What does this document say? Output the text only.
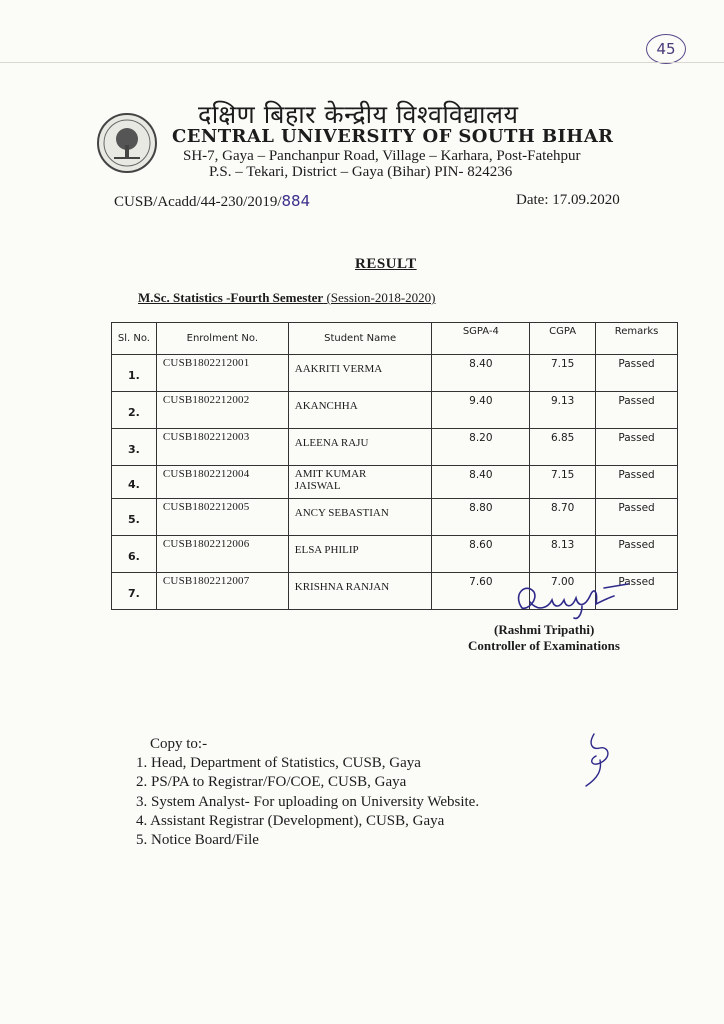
45
दक्षिण बिहार केन्द्रीय विश्वविद्यालय
CENTRAL UNIVERSITY OF SOUTH BIHAR
SH-7, Gaya – Panchanpur Road, Village – Karhara, Post-Fatehpur
P.S. – Tekari, District – Gaya (Bihar) PIN- 824236
CUSB/Acadd/44-230/2019/884	Date: 17.09.2020
RESULT
M.Sc. Statistics -Fourth Semester (Session-2018-2020)
Sl. No.	Enrolment No.	Student Name	SGPA-4	CGPA	Remarks
1.	CUSB1802212001	AAKRITI VERMA	8.40	7.15	Passed
2.	CUSB1802212002	AKANCHHA	9.40	9.13	Passed
3.	CUSB1802212003	ALEENA RAJU	8.20	6.85	Passed
4.	CUSB1802212004	AMIT KUMAR
JAISWAL	8.40	7.15	Passed
5.	CUSB1802212005	ANCY SEBASTIAN	8.80	8.70	Passed
6.	CUSB1802212006	ELSA PHILIP	8.60	8.13	Passed
7.	CUSB1802212007	KRISHNA RANJAN	7.60	7.00	Passed
(Rashmi Tripathi)
Controller of Examinations
Copy to:-
1. Head, Department of Statistics, CUSB, Gaya
2. PS/PA to Registrar/FO/COE, CUSB, Gaya
3. System Analyst- For uploading on University Website.
4. Assistant Registrar (Development), CUSB, Gaya
5. Notice Board/File
